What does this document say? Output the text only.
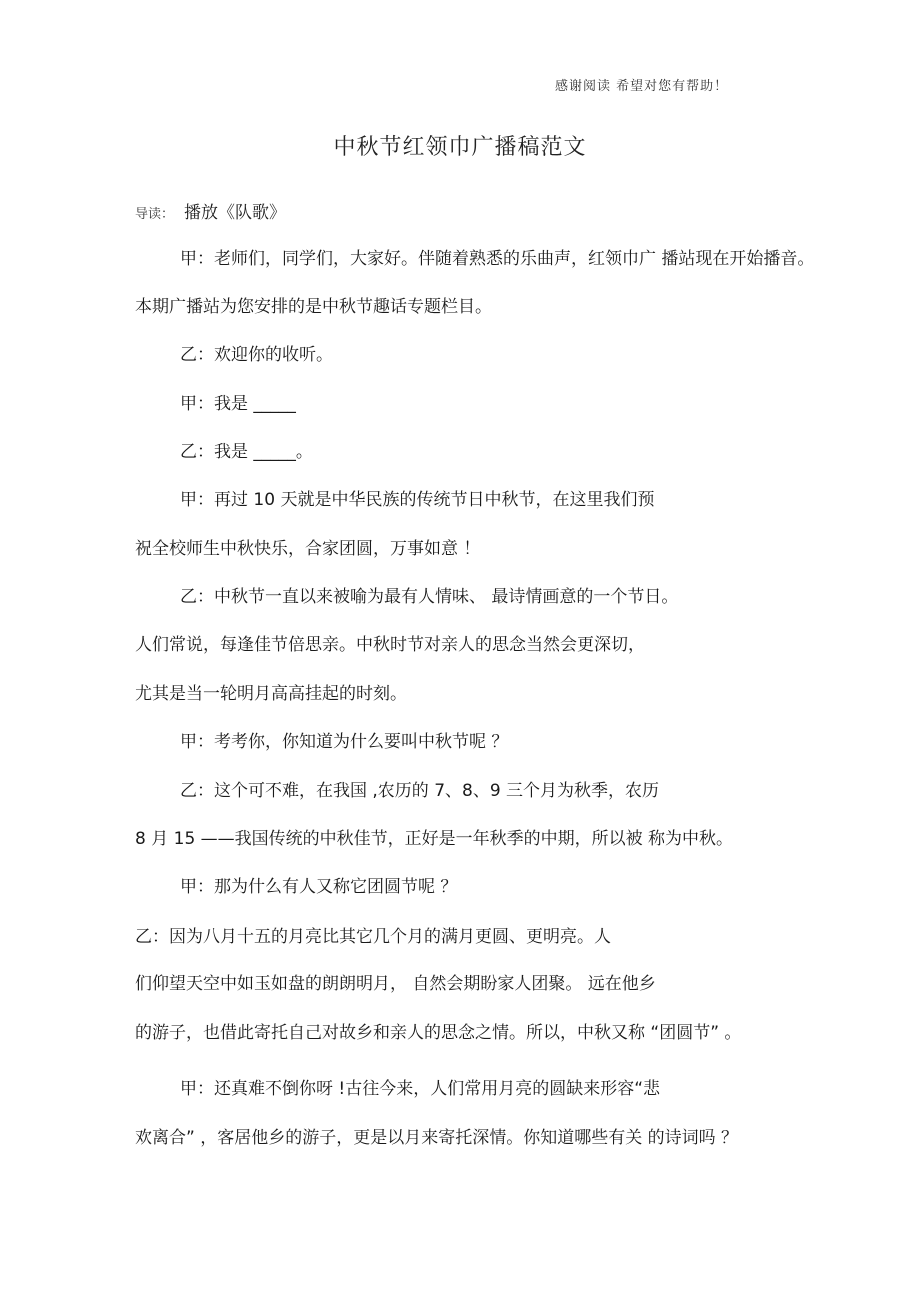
感谢阅读 希望对您有帮助！
中秋节红领巾广播稿范文
导读： 播放《队歌》
甲：老师们，同学们，大家好。伴随着熟悉的乐曲声，红领巾广 播站现在开始播音。
本期广播站为您安排的是中秋节趣话专题栏目。
乙：欢迎你的收听。
甲：我是 _____
乙：我是 _____。
甲：再过 10 天就是中华民族的传统节日中秋节，在这里我们预
祝全校师生中秋快乐，合家团圆，万事如意 ！
乙：中秋节一直以来被喻为最有人情味、 最诗情画意的一个节日。
人们常说，每逢佳节倍思亲。中秋时节对亲人的思念当然会更深切，
尤其是当一轮明月高高挂起的时刻。
甲：考考你，你知道为什么要叫中秋节呢 ？
乙：这个可不难，在我国 ,农历的 7、8、9 三个月为秋季，农历
8 月 15 ——我国传统的中秋佳节，正好是一年秋季的中期，所以被 称为中秋。
甲：那为什么有人又称它团圆节呢 ？
乙：因为八月十五的月亮比其它几个月的满月更圆、更明亮。人
们仰望天空中如玉如盘的朗朗明月， 自然会期盼家人团聚。 远在他乡
的游子，也借此寄托自己对故乡和亲人的思念之情。所以，中秋又称 “团圆节” 。
甲：还真难不倒你呀 !古往今来，人们常用月亮的圆缺来形容“悲
欢离合” ，客居他乡的游子，更是以月来寄托深情。你知道哪些有关 的诗词吗 ？
